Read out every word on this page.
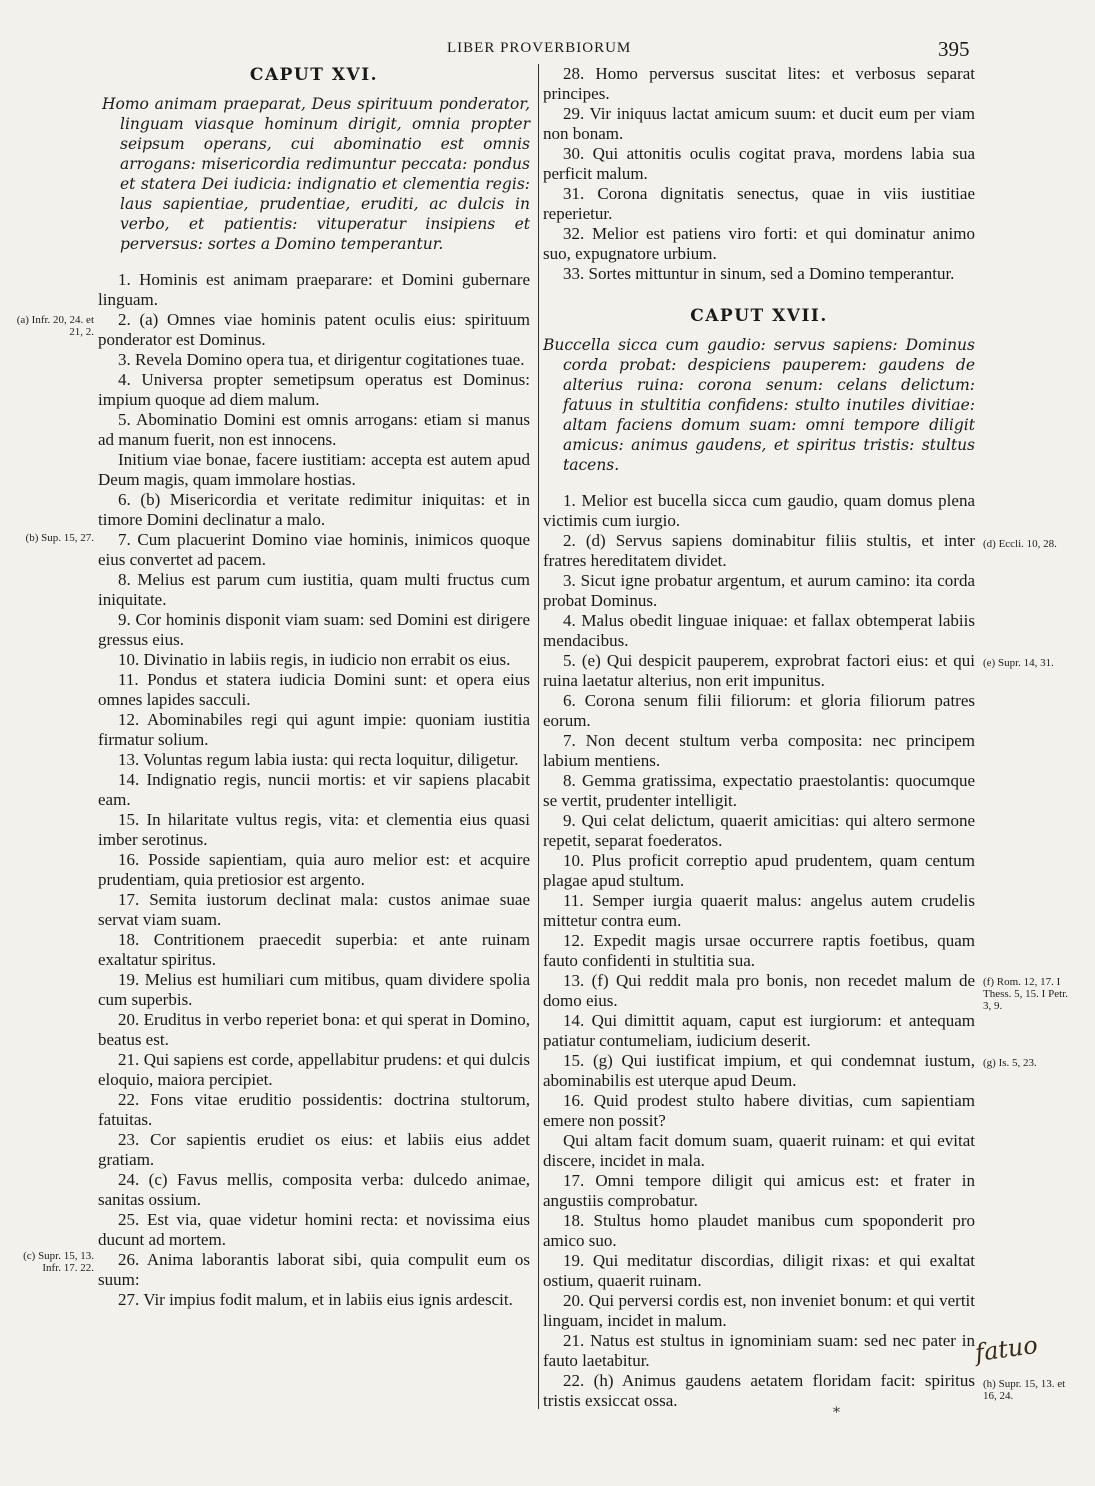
LIBER PROVERBIORUM	395
CAPUT XVI.

Homo animam praeparat, Deus spirituum ponderator, linguam viasque hominum dirigit, omnia propter seipsum operans, cui abominatio est omnis arrogans: misericordia redimuntur peccata: pondus et statera Dei iudicia: indignatio et clementia regis: laus sapientiae, prudentiae, eruditi, ac dulcis in verbo, et patientis: vituperatur insipiens et perversus: sortes a Domino temperantur.

1. Hominis est animam praeparare: et Domini gubernare linguam.

2. (a) Omnes viae hominis patent oculis eius: spirituum ponderator est Dominus.

3. Revela Domino opera tua, et dirigentur cogitationes tuae.

4. Universa propter semetipsum operatus est Dominus: impium quoque ad diem malum.

5. Abominatio Domini est omnis arrogans: etiam si manus ad manum fuerit, non est innocens.

Initium viae bonae, facere iustitiam: accepta est autem apud Deum magis, quam immolare hostias.

6. (b) Misericordia et veritate redimitur iniquitas: et in timore Domini declinatur a malo.

7. Cum placuerint Domino viae hominis, inimicos quoque eius convertet ad pacem.

8. Melius est parum cum iustitia, quam multi fructus cum iniquitate.

9. Cor hominis disponit viam suam: sed Domini est dirigere gressus eius.

10. Divinatio in labiis regis, in iudicio non errabit os eius.

11. Pondus et statera iudicia Domini sunt: et opera eius omnes lapides sacculi.

12. Abominabiles regi qui agunt impie: quoniam iustitia firmatur solium.

13. Voluntas regum labia iusta: qui recta loquitur, diligetur.

14. Indignatio regis, nuncii mortis: et vir sapiens placabit eam.

15. In hilaritate vultus regis, vita: et clementia eius quasi imber serotinus.

16. Posside sapientiam, quia auro melior est: et acquire prudentiam, quia pretiosior est argento.

17. Semita iustorum declinat mala: custos animae suae servat viam suam.

18. Contritionem praecedit superbia: et ante ruinam exaltatur spiritus.

19. Melius est humiliari cum mitibus, quam dividere spolia cum superbis.

20. Eruditus in verbo reperiet bona: et qui sperat in Domino, beatus est.

21. Qui sapiens est corde, appellabitur prudens: et qui dulcis eloquio, maiora percipiet.

22. Fons vitae eruditio possidentis: doctrina stultorum, fatuitas.

23. Cor sapientis erudiet os eius: et labiis eius addet gratiam.

24. (c) Favus mellis, composita verba: dulcedo animae, sanitas ossium.

25. Est via, quae videtur homini recta: et novissima eius ducunt ad mortem.

26. Anima laborantis laborat sibi, quia compulit eum os suum:

27. Vir impius fodit malum, et in labiis eius ignis ardescit.

28. Homo perversus suscitat lites: et verbosus separat principes.

29. Vir iniquus lactat amicum suum: et ducit eum per viam non bonam.

30. Qui attonitis oculis cogitat prava, mordens labia sua perficit malum.

31. Corona dignitatis senectus, quae in viis iustitiae reperietur.

32. Melior est patiens viro forti: et qui dominatur animo suo, expugnatore urbium.

33. Sortes mittuntur in sinum, sed a Domino temperantur.

CAPUT XVII.

Buccella sicca cum gaudio: servus sapiens: Dominus corda probat: despiciens pauperem: gaudens de alterius ruina: corona senum: celans delictum: fatuus in stultitia confidens: stulto inutiles divitiae: altam faciens domum suam: omni tempore diligit amicus: animus gaudens, et spiritus tristis: stultus tacens.

1. Melior est bucella sicca cum gaudio, quam domus plena victimis cum iurgio.

2. (d) Servus sapiens dominabitur filiis stultis, et inter fratres hereditatem dividet.

3. Sicut igne probatur argentum, et aurum camino: ita corda probat Dominus.

4. Malus obedit linguae iniquae: et fallax obtemperat labiis mendacibus.

5. (e) Qui despicit pauperem, exprobrat factori eius: et qui ruina laetatur alterius, non erit impunitus.

6. Corona senum filii filiorum: et gloria filiorum patres eorum.

7. Non decent stultum verba composita: nec principem labium mentiens.

8. Gemma gratissima, expectatio praestolantis: quocumque se vertit, prudenter intelligit.

9. Qui celat delictum, quaerit amicitias: qui altero sermone repetit, separat foederatos.

10. Plus proficit correptio apud prudentem, quam centum plagae apud stultum.

11. Semper iurgia quaerit malus: angelus autem crudelis mittetur contra eum.

12. Expedit magis ursae occurrere raptis foetibus, quam fauto confidenti in stultitia sua.

13. (f) Qui reddit mala pro bonis, non recedet malum de domo eius.

14. Qui dimittit aquam, caput est iurgiorum: et antequam patiatur contumeliam, iudicium deserit.

15. (g) Qui iustificat impium, et qui condemnat iustum, abominabilis est uterque apud Deum.

16. Quid prodest stulto habere divitias, cum sapientiam emere non possit?

Qui altam facit domum suam, quaerit ruinam: et qui evitat discere, incidet in mala.

17. Omni tempore diligit qui amicus est: et frater in angustiis comprobatur.

18. Stultus homo plaudet manibus cum spoponderit pro amico suo.

19. Qui meditatur discordias, diligit rixas: et qui exaltat ostium, quaerit ruinam.

20. Qui perversi cordis est, non inveniet bonum: et qui vertit linguam, incidet in malum.

21. Natus est stultus in ignominiam suam: sed nec pater in fauto laetabitur.

22. (h) Animus gaudens aetatem floridam facit: spiritus tristis exsiccat ossa.

(a) Infr. 20, 24. et 21, 2.
(b) Sup. 15, 27.
(c) Supr. 15, 13. Infr. 17. 22.
(d) Eccli. 10, 28.
(e) Supr. 14, 31.
(f) Rom. 12, 17. I Thess. 5, 15. I Petr. 3, 9.
(g) Is. 5, 23.
(h) Supr. 15, 13. et 16, 24.
fatuo
*
